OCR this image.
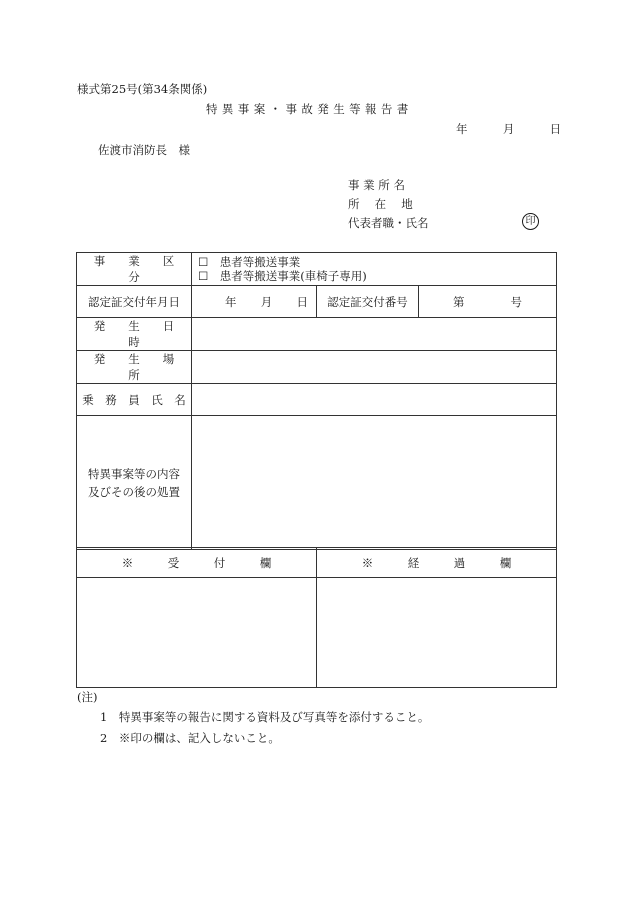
様式第25号(第34条関係)
特異事案・事故発生等報告書
年	月	日
佐渡市消防長　様
事 業 所 名
所　 在　 地
代表者職・氏名	印
事　　業　　区　　分	☐　患者等搬送事業
☐　患者等搬送事業(車椅子専用)		

認定証交付年月日	年 月 日	認定証交付番号	第 号

発　　生　　日　　時			
発　　生　　場　　所			
乗　務　員　氏　名			

特異事案等の内容
及びその後の処置			

※　　　受　　　付　　　欄	※　　　経　　　過　　　欄

(注)
1　特異事案等の報告に関する資料及び写真等を添付すること。
2　※印の欄は、記入しないこと。
